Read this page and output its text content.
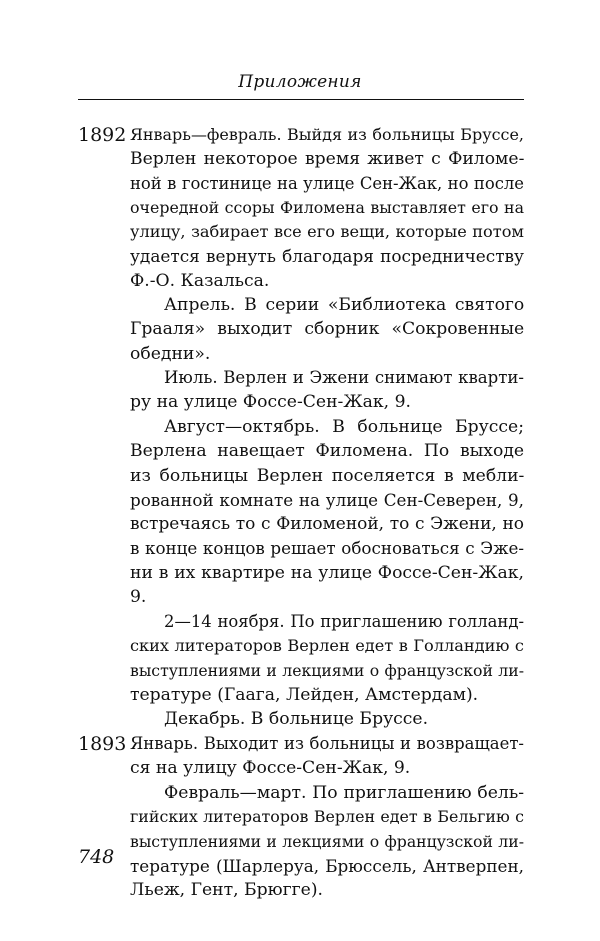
Приложения
1892 Январь—февраль. Выйдя из больницы Бруссе,
Верлен некоторое время живет с Филоме-
ной в гостинице на улице Сен-Жак, но после
очередной ссоры Филомена выставляет его на
улицу, забирает все его вещи, которые потом
удается вернуть благодаря посредничеству
Ф.-О. Казальса.

Апрель. В серии «Библиотека святого
Грааля» выходит сборник «Сокровенные
обедни».

Июль. Верлен и Эжени снимают кварти-
ру на улице Фоссе-Сен-Жак, 9.

Август—октябрь. В больнице Бруссе;
Верлена навещает Филомена. По выходе
из больницы Верлен поселяется в мебли-
рованной комнате на улице Сен-Северен, 9,
встречаясь то с Филоменой, то с Эжени, но
в конце концов решает обосноваться с Эже-
ни в их квартире на улице Фоссе-Сен-Жак,
9.

2—14 ноября. По приглашению голланд-
ских литераторов Верлен едет в Голландию с
выступлениями и лекциями о французской ли-
тературе (Гаага, Лейден, Амстердам).

Декабрь. В больнице Бруссе.

1893 Январь. Выходит из больницы и возвращает-
ся на улицу Фоссе-Сен-Жак, 9.

Февраль—март. По приглашению бель-
гийских литераторов Верлен едет в Бельгию с
выступлениями и лекциями о французской ли-
тературе (Шарлеруа, Брюссель, Антверпен,
Льеж, Гент, Брюгге).

748
